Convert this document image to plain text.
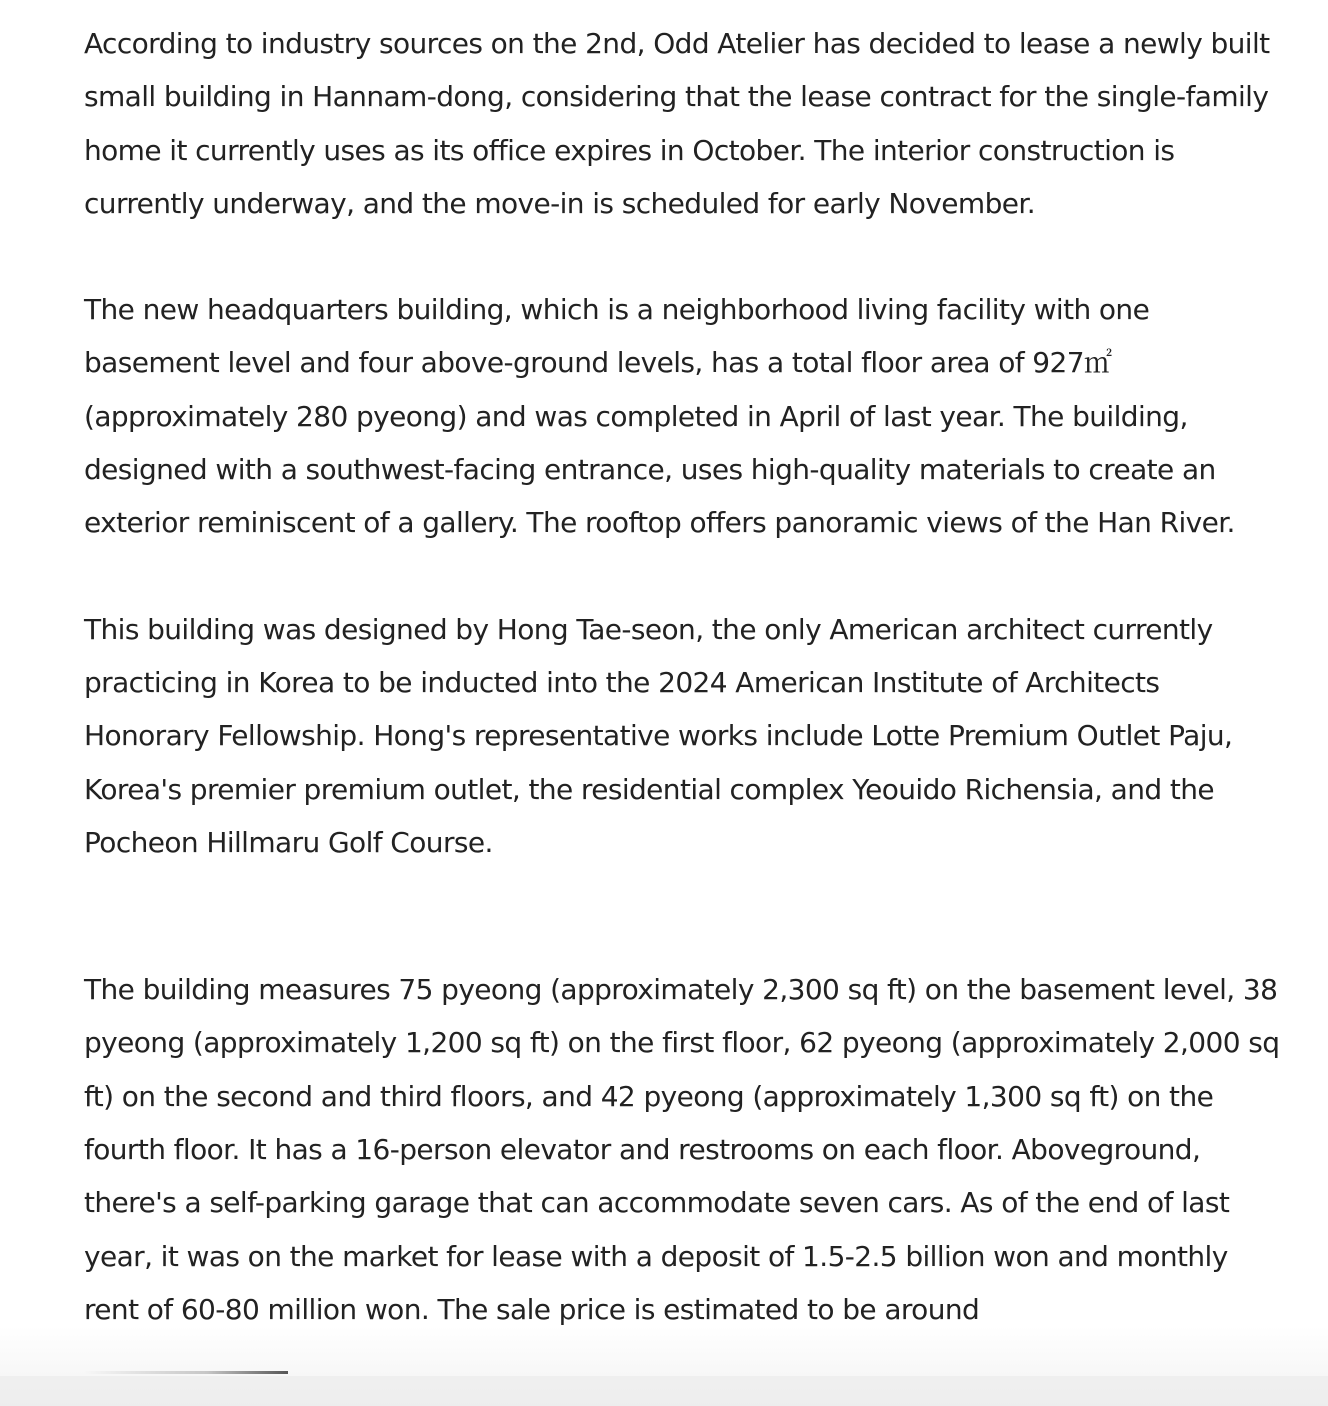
According to industry sources on the 2nd, Odd Atelier has decided to lease a newly built small building in Hannam-dong, considering that the lease contract for the single-family home it currently uses as its office expires in October. The interior construction is currently underway, and the move-in is scheduled for early November.

The new headquarters building, which is a neighborhood living facility with one basement level and four above-ground levels, has a total floor area of 927㎡ (approximately 280 pyeong) and was completed in April of last year. The building, designed with a southwest-facing entrance, uses high-quality materials to create an exterior reminiscent of a gallery. The rooftop offers panoramic views of the Han River.

This building was designed by Hong Tae-seon, the only American architect currently practicing in Korea to be inducted into the 2024 American Institute of Architects Honorary Fellowship. Hong's representative works include Lotte Premium Outlet Paju, Korea's premier premium outlet, the residential complex Yeouido Richensia, and the Pocheon Hillmaru Golf Course.

The building measures 75 pyeong (approximately 2,300 sq ft) on the basement level, 38 pyeong (approximately 1,200 sq ft) on the first floor, 62 pyeong (approximately 2,000 sq ft) on the second and third floors, and 42 pyeong (approximately 1,300 sq ft) on the fourth floor. It has a 16-person elevator and restrooms on each floor. Aboveground, there's a self-parking garage that can accommodate seven cars. As of the end of last year, it was on the market for lease with a deposit of 1.5-2.5 billion won and monthly rent of 60-80 million won. The sale price is estimated to be around
